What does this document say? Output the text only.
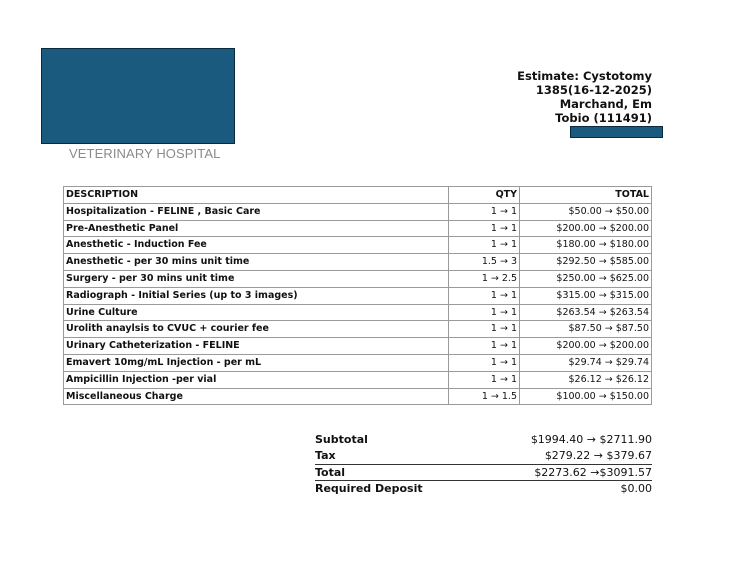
VETERINARY HOSPITAL
Estimate: Cystotomy
1385(16-12-2025)
Marchand, Em
Tobio (111491)
DESCRIPTION	QTY	TOTAL
Hospitalization - FELINE , Basic Care	1 → 1	$50.00 → $50.00
Pre-Anesthetic Panel	1 → 1	$200.00 → $200.00
Anesthetic - Induction Fee	1 → 1	$180.00 → $180.00
Anesthetic - per 30 mins unit time	1.5 → 3	$292.50 → $585.00
Surgery - per 30 mins unit time	1 → 2.5	$250.00 → $625.00
Radiograph - Initial Series (up to 3 images)	1 → 1	$315.00 → $315.00
Urine Culture	1 → 1	$263.54 → $263.54
Urolith anaylsis to CVUC + courier fee	1 → 1	$87.50 → $87.50
Urinary Catheterization - FELINE	1 → 1	$200.00 → $200.00
Emavert 10mg/mL Injection - per mL	1 → 1	$29.74 → $29.74
Ampicillin Injection -per vial	1 → 1	$26.12 → $26.12
Miscellaneous Charge	1 → 1.5	$100.00 → $150.00
Subtotal	$1994.40 → $2711.90
Tax	$279.22 → $379.67
Total	$2273.62 →$3091.57
Required Deposit	$0.00
